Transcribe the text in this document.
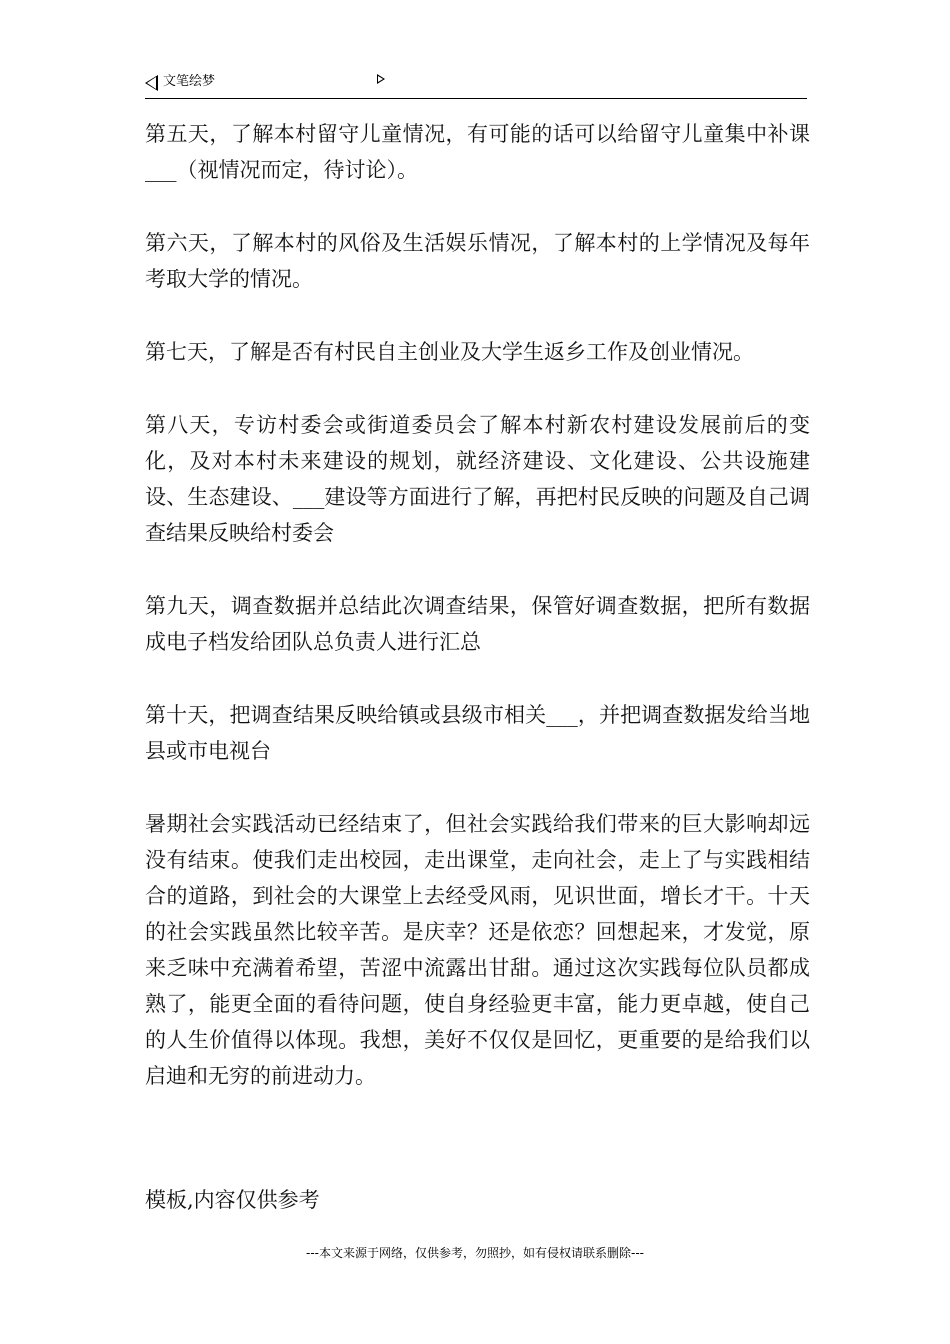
文笔绘梦

第五天，了解本村留守儿童情况，有可能的话可以给留守儿童集中补课___（视情况而定，待讨论）。

第六天，了解本村的风俗及生活娱乐情况，了解本村的上学情况及每年考取大学的情况。

第七天，了解是否有村民自主创业及大学生返乡工作及创业情况。

第八天，专访村委会或街道委员会了解本村新农村建设发展前后的变化，及对本村未来建设的规划，就经济建设、文化建设、公共设施建设、生态建设、___建设等方面进行了解，再把村民反映的问题及自己调查结果反映给村委会

第九天，调查数据并总结此次调查结果，保管好调查数据，把所有数据成电子档发给团队总负责人进行汇总

第十天，把调查结果反映给镇或县级市相关___，并把调查数据发给当地县或市电视台

暑期社会实践活动已经结束了，但社会实践给我们带来的巨大影响却远没有结束。使我们走出校园，走出课堂，走向社会，走上了与实践相结合的道路，到社会的大课堂上去经受风雨，见识世面，增长才干。十天的社会实践虽然比较辛苦。是庆幸？还是依恋？回想起来，才发觉，原来乏味中充满着希望，苦涩中流露出甘甜。通过这次实践每位队员都成熟了，能更全面的看待问题，使自身经验更丰富，能力更卓越，使自己的人生价值得以体现。我想，美好不仅仅是回忆，更重要的是给我们以启迪和无穷的前进动力。

模板,内容仅供参考

---本文来源于网络，仅供参考，勿照抄，如有侵权请联系删除---
